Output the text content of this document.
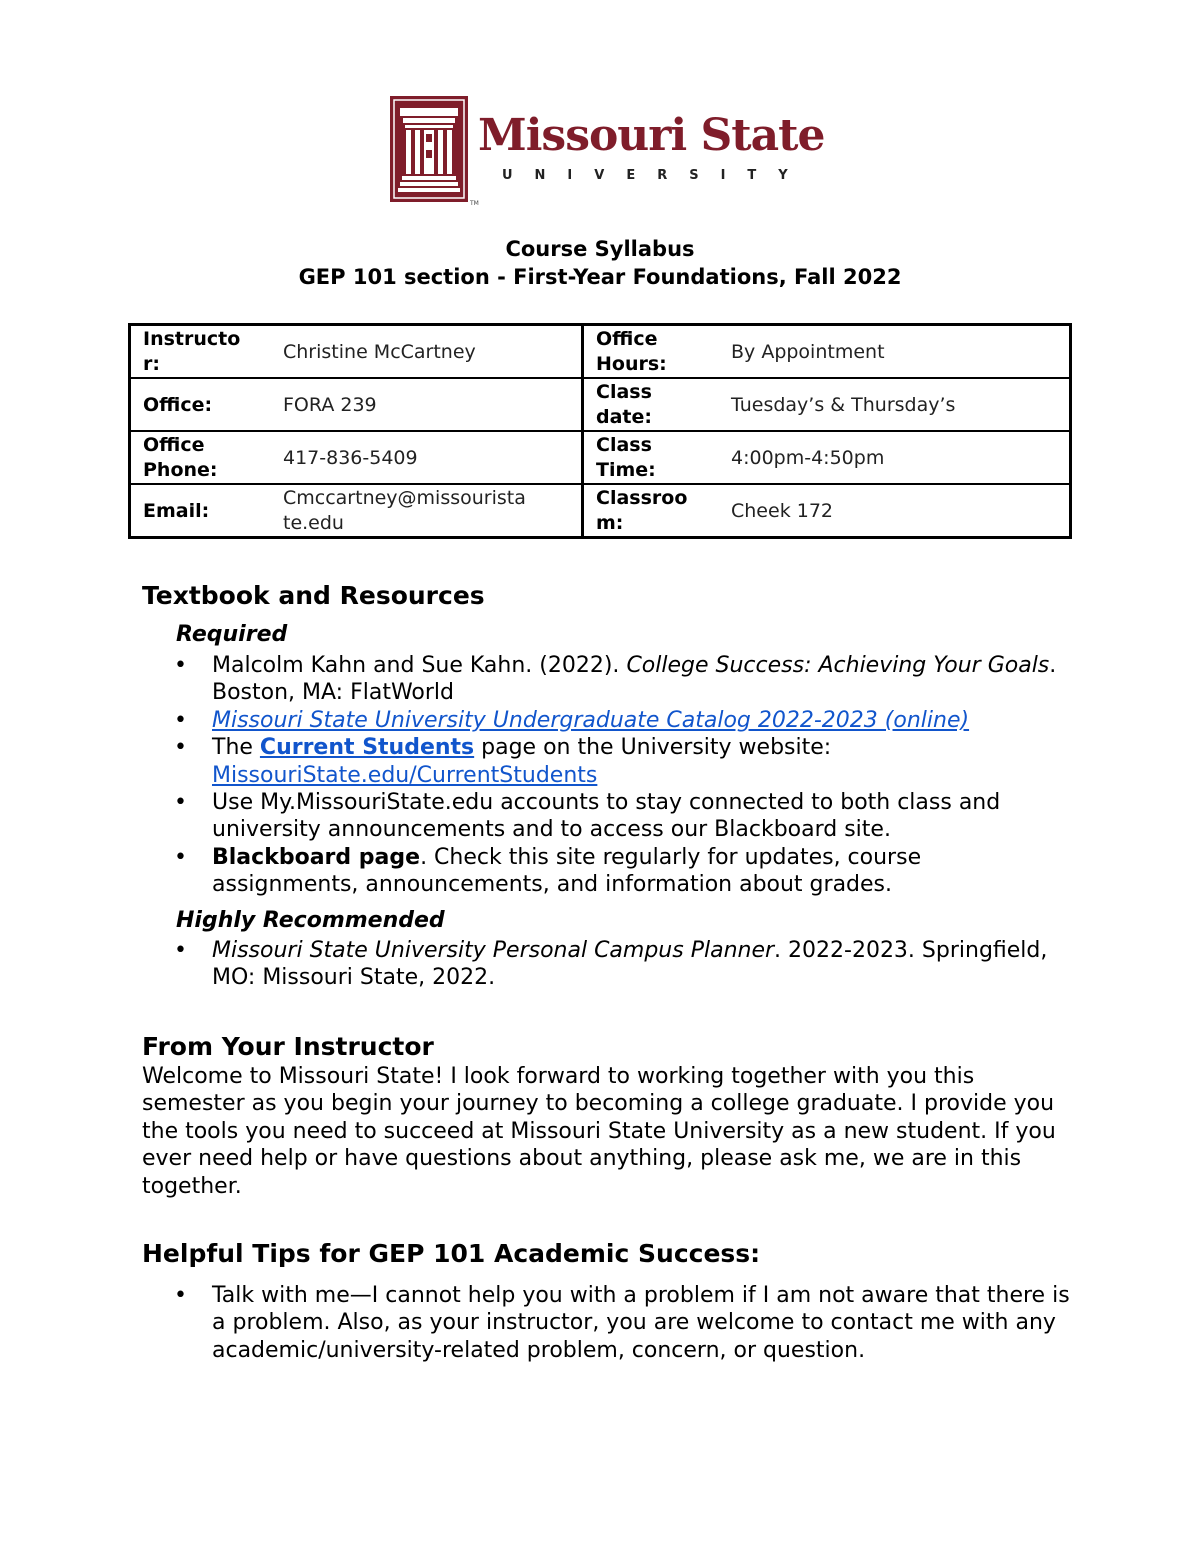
Missouri State
UNIVERSITY
TM
Course Syllabus
GEP 101 section - First-Year Foundations, Fall 2022
Instructo r:	Christine McCartney	Office Hours:	By Appointment
Office:	FORA 239	Class date:	Tuesday’s & Thursday’s
Office Phone:	417-836-5409	Class Time:	4:00pm-4:50pm
Email:	Cmccartney@missourista te.edu	Classroo m:	Cheek 172
Textbook and Resources
Required
•	Malcolm Kahn and Sue Kahn. (2022). College Success: Achieving Your Goals. Boston, MA: FlatWorld
•	Missouri State University Undergraduate Catalog 2022-2023 (online)
•	The Current Students page on the University website: MissouriState.edu/CurrentStudents
•	Use My.MissouriState.edu accounts to stay connected to both class and university announcements and to access our Blackboard site.
•	Blackboard page. Check this site regularly for updates, course assignments, announcements, and information about grades.
Highly Recommended
•	Missouri State University Personal Campus Planner. 2022-2023. Springfield, MO: Missouri State, 2022.
From Your Instructor
Welcome to Missouri State! I look forward to working together with you this semester as you begin your journey to becoming a college graduate. I provide you the tools you need to succeed at Missouri State University as a new student. If you ever need help or have questions about anything, please ask me, we are in this together.
Helpful Tips for GEP 101 Academic Success:
•	Talk with me—I cannot help you with a problem if I am not aware that there is a problem. Also, as your instructor, you are welcome to contact me with any academic/university-related problem, concern, or question.
